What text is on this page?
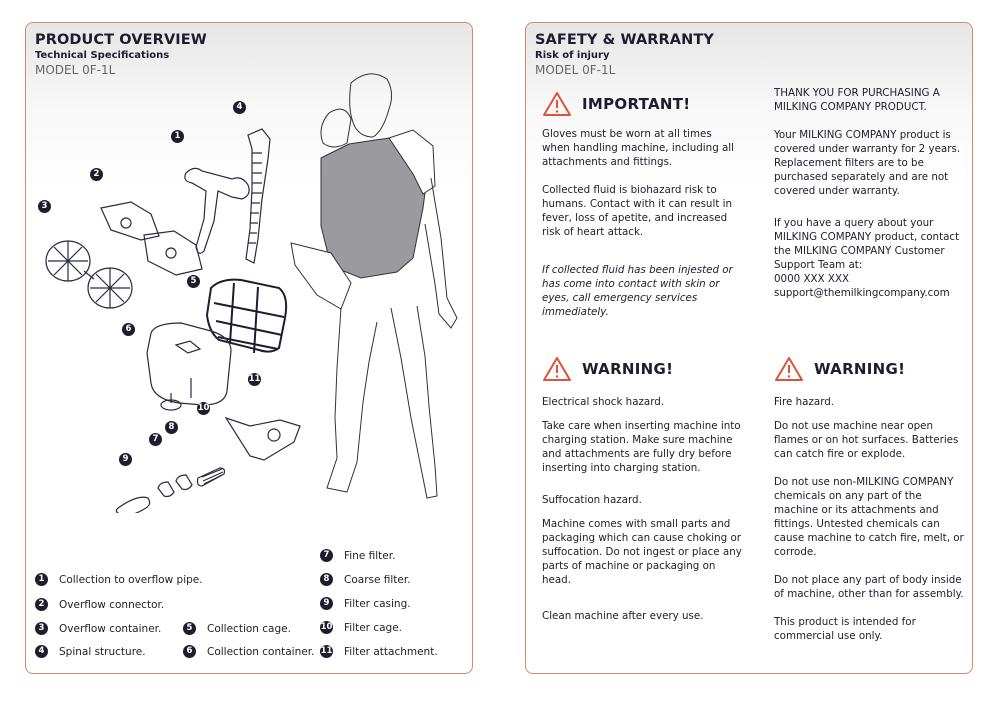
PRODUCT OVERVIEW
Technical Specifications
MODEL 0F-1L
1
2
3
4
5
6
7
8
9
10
11
1	Collection to overflow pipe.
2	Overflow connector.
3	Overflow container.
4	Spinal structure.
5	Collection cage.
6	Collection container.
7	Fine filter.
8	Coarse filter.
9	Filter casing.
10 Filter cage.
11 Filter attachment.
SAFETY & WARRANTY
Risk of injury
MODEL 0F-1L
IMPORTANT!

Gloves must be worn at all times when handling machine, including all attachments and fittings.

Collected fluid is biohazard risk to humans. Contact with it can result in fever, loss of apetite, and increased risk of heart attack.

If collected fluid has been injested or has come into contact with skin or eyes, call emergency services immediately.

THANK YOU FOR PURCHASING A MILKING COMPANY PRODUCT.

Your MILKING COMPANY product is covered under warranty for 2 years. Replacement filters are to be purchased separately and are not covered under warranty.

If you have a query about your MILKING COMPANY product, contact the MILKING COMPANY Customer Support Team at:

0000 XXX XXX
support@themilkingcompany.com
WARNING!

Electrical shock hazard.

Take care when inserting machine into charging station. Make sure machine and attachments are fully dry before inserting into charging station.

Suffocation hazard.

Machine comes with small parts and packaging which can cause choking or suffocation. Do not ingest or place any parts of machine or packaging on head.

Clean machine after every use.

WARNING!

Fire hazard.

Do not use machine near open flames or on hot surfaces. Batteries can catch fire or explode.

Do not use non-MILKING COMPANY chemicals on any part of the machine or its attachments and fittings. Untested chemicals can cause machine to catch fire, melt, or corrode.

Do not place any part of body inside of machine, other than for assembly.

This product is intended for commercial use only.
